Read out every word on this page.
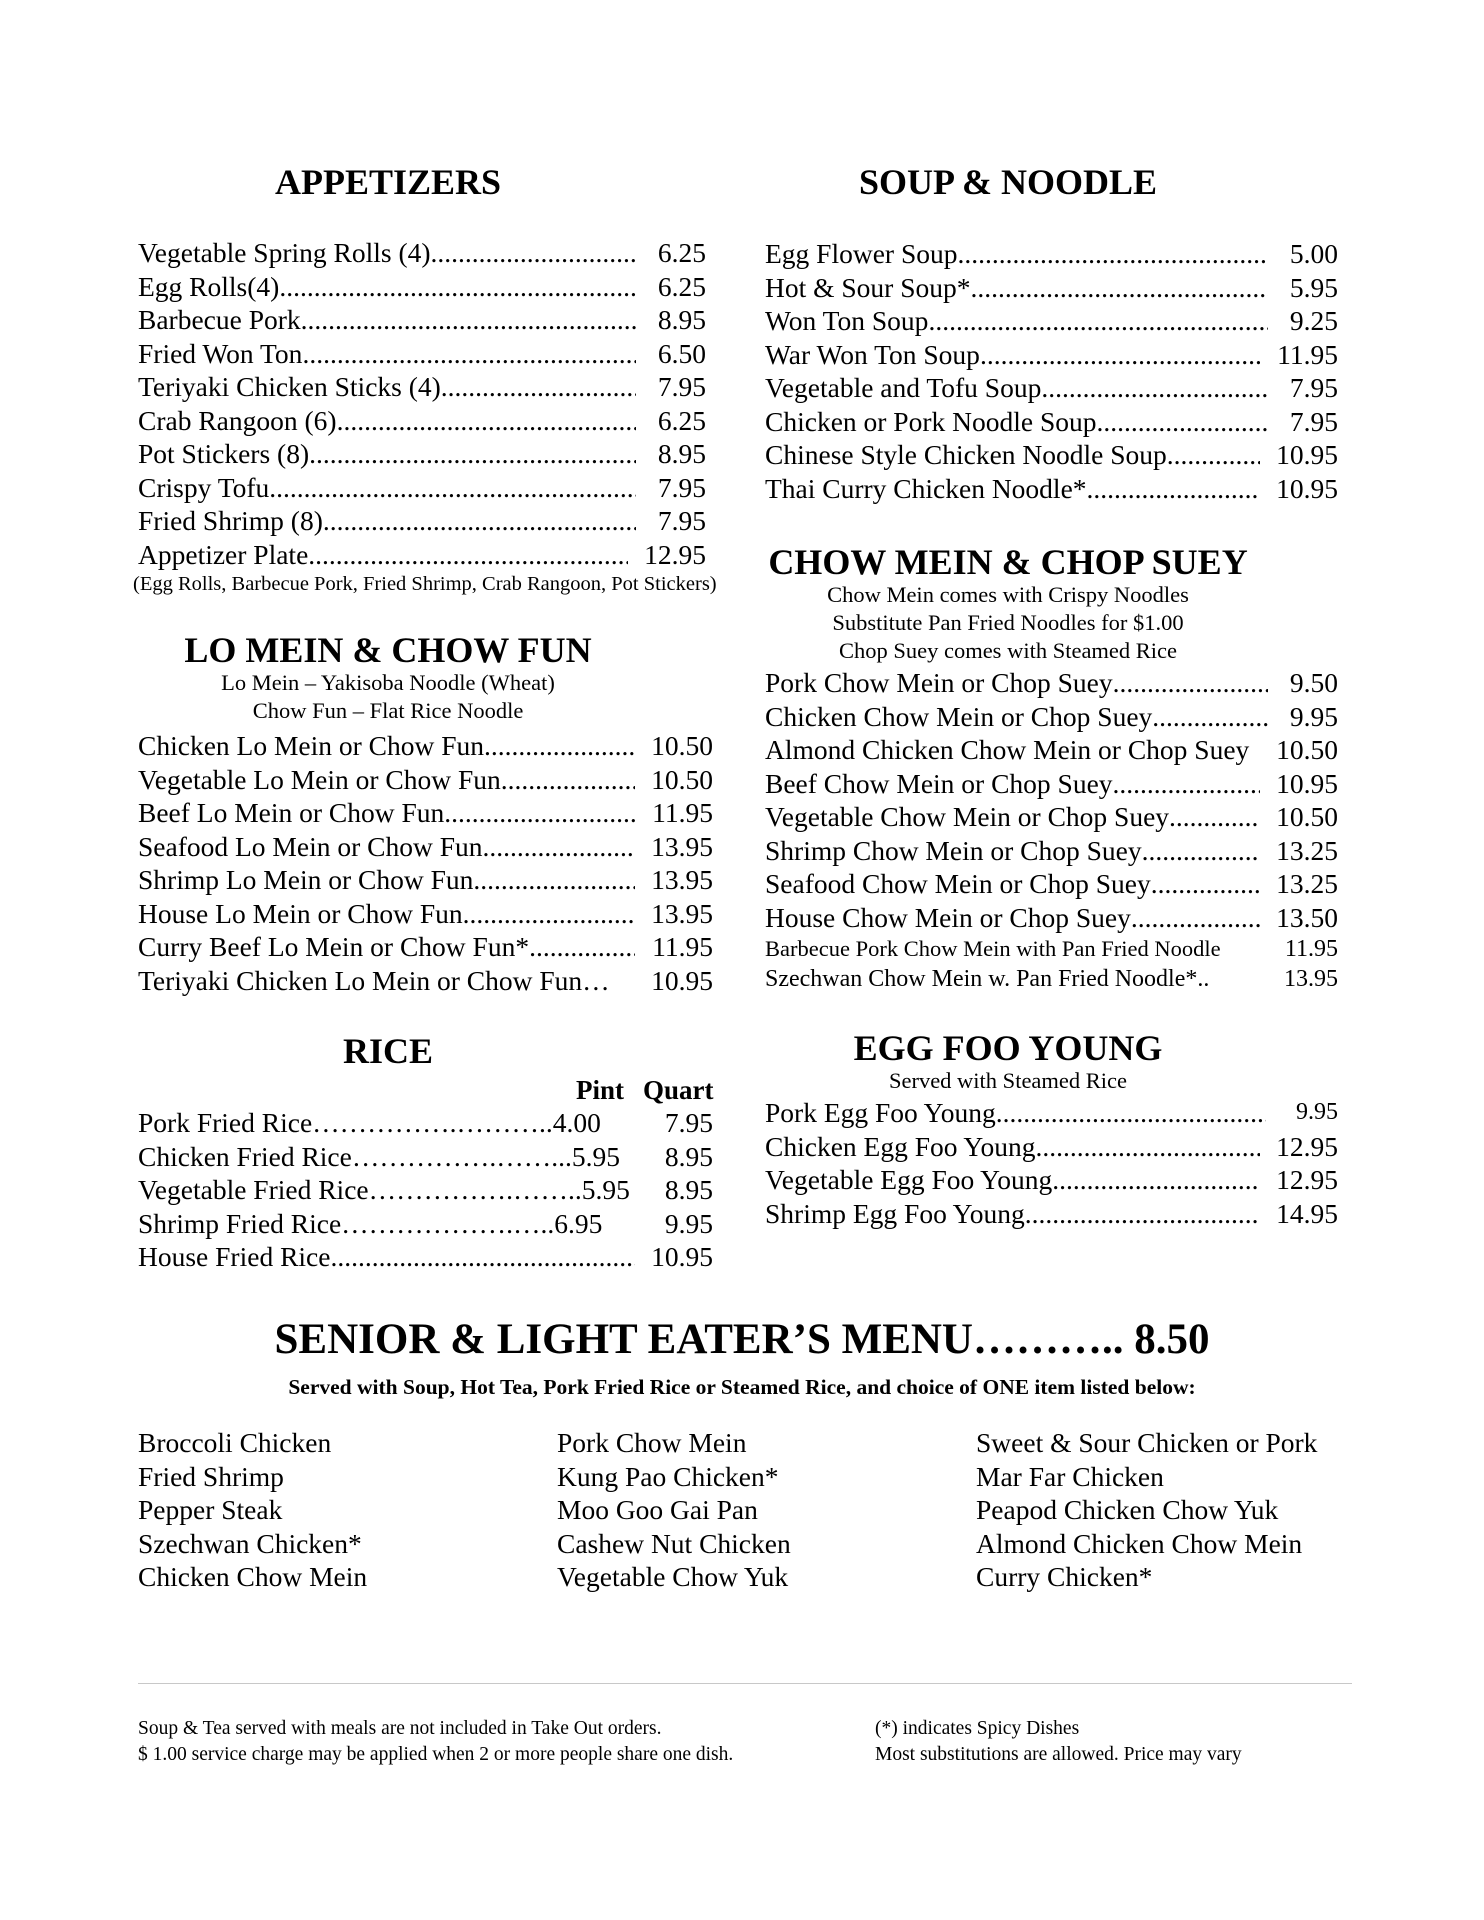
APPETIZERS
Vegetable Spring Rolls (4) .....	6.25
Egg Rolls(4) .....	6.25
Barbecue Pork .....	8.95
Fried Won Ton .....	6.50
Teriyaki Chicken Sticks (4) .....	7.95
Crab Rangoon (6) .....	6.25
Pot Stickers (8) .....	8.95
Crispy Tofu .....	7.95
Fried Shrimp (8) .....	7.95
Appetizer Plate .....	12.95
(Egg Rolls, Barbecue Pork, Fried Shrimp, Crab Rangoon, Pot Stickers)
SOUP & NOODLE
Egg Flower Soup .....	5.00
Hot & Sour Soup* .....	5.95
Won Ton Soup .....	9.25
War Won Ton Soup .....	11.95
Vegetable and Tofu Soup .....	7.95
Chicken or Pork Noodle Soup .....	7.95
Chinese Style Chicken Noodle Soup .....	10.95
Thai Curry Chicken Noodle* .....	10.95
LO MEIN & CHOW FUN
Lo Mein – Yakisoba Noodle (Wheat)
Chow Fun – Flat Rice Noodle
Chicken Lo Mein or Chow Fun .....	10.50
Vegetable Lo Mein or Chow Fun .....	10.50
Beef Lo Mein or Chow Fun .....	11.95
Seafood Lo Mein or Chow Fun .....	13.95
Shrimp Lo Mein or Chow Fun .....	13.95
House Lo Mein or Chow Fun .....	13.95
Curry Beef Lo Mein or Chow Fun* .....	11.95
Teriyaki Chicken Lo Mein or Chow Fun…	10.95
CHOW MEIN & CHOP SUEY
Chow Mein comes with Crispy Noodles
Substitute Pan Fried Noodles for $1.00
Chop Suey comes with Steamed Rice
Pork Chow Mein or Chop Suey .....	9.50
Chicken Chow Mein or Chop Suey .....	9.95
Almond Chicken Chow Mein or Chop Suey 10.50
Beef Chow Mein or Chop Suey .....	10.95
Vegetable Chow Mein or Chop Suey .....	10.50
Shrimp Chow Mein or Chop Suey .....	13.25
Seafood Chow Mein or Chop Suey .....	13.25
House Chow Mein or Chop Suey .....	13.50
Barbecue Pork Chow Mein with Pan Fried Noodle	11.95
Szechwan Chow Mein w. Pan Fried Noodle*..	13.95
RICE
Pint Quart
Pork Fried Rice…………….………..4.00	7.95
Chicken Fried Rice…………….……...5.95	8.95
Vegetable Fried Rice…………….……..5.95	8.95
Shrimp Fried Rice……………….…..6.95	9.95
House Fried Rice .....	10.95
EGG FOO YOUNG
Served with Steamed Rice
Pork Egg Foo Young .....	9.95
Chicken Egg Foo Young .....	12.95
Vegetable Egg Foo Young .....	12.95
Shrimp Egg Foo Young .....	14.95
SENIOR & LIGHT EATER’S MENU……….. 8.50
Served with Soup, Hot Tea, Pork Fried Rice or Steamed Rice, and choice of ONE item listed below:
Broccoli Chicken
Fried Shrimp
Pepper Steak
Szechwan Chicken*
Chicken Chow Mein
Pork Chow Mein
Kung Pao Chicken*
Moo Goo Gai Pan
Cashew Nut Chicken
Vegetable Chow Yuk
Sweet & Sour Chicken or Pork
Mar Far Chicken
Peapod Chicken Chow Yuk
Almond Chicken Chow Mein
Curry Chicken*
Soup & Tea served with meals are not included in Take Out orders.
$ 1.00 service charge may be applied when 2 or more people share one dish.
(*) indicates Spicy Dishes
Most substitutions are allowed. Price may vary
